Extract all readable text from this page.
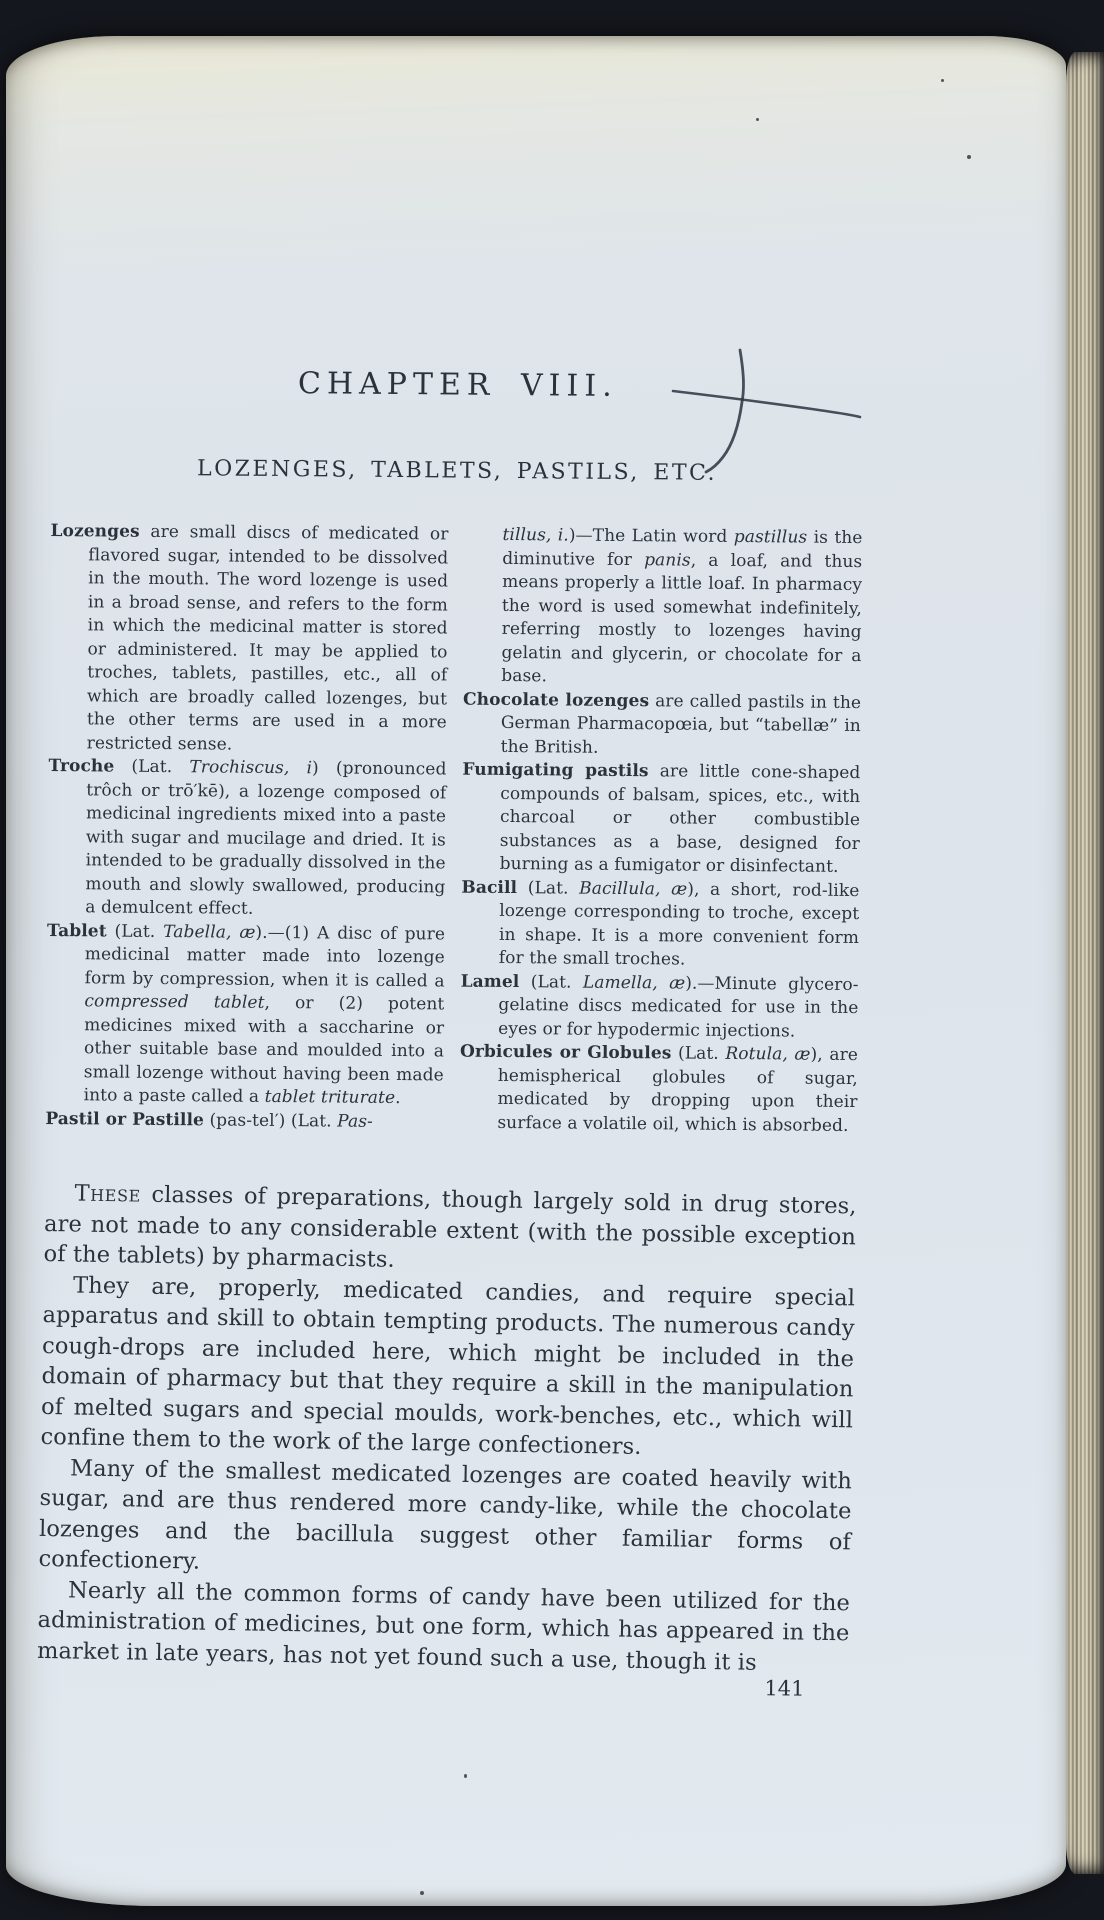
CHAPTER VIII.
LOZENGES, TABLETS, PASTILS, ETC.
Lozenges are small discs of medicated or flavored sugar, intended to be dissolved in the mouth. The word lozenge is used in a broad sense, and refers to the form in which the medicinal matter is stored or administered. It may be applied to troches, tablets, pastilles, etc., all of which are broadly called lozenges, but the other terms are used in a more restricted sense.
Troche (Lat. Trochiscus, i) (pronounced trôch or trō′kē), a lozenge composed of medicinal ingredients mixed into a paste with sugar and mucilage and dried. It is intended to be gradually dissolved in the mouth and slowly swallowed, producing a demulcent effect.
Tablet (Lat. Tabella, æ).—(1) A disc of pure medicinal matter made into lozenge form by compression, when it is called a compressed tablet, or (2) potent medicines mixed with a saccharine or other suitable base and moulded into a small lozenge without having been made into a paste called a tablet triturate.
Pastil or Pastille (pas-tel′) (Lat. Pas-
tillus, i.)—The Latin word pastillus is the diminutive for panis, a loaf, and thus means properly a little loaf. In pharmacy the word is used somewhat indefinitely, referring mostly to lozenges having gelatin and glycerin, or chocolate for a base.
Chocolate lozenges are called pastils in the German Pharmacopœia, but “tabellæ” in the British.
Fumigating pastils are little cone-shaped compounds of balsam, spices, etc., with charcoal or other combustible substances as a base, designed for burning as a fumigator or disinfectant.
Bacill (Lat. Bacillula, æ), a short, rod-like lozenge corresponding to troche, except in shape. It is a more convenient form for the small troches.
Lamel (Lat. Lamella, æ).—Minute glycero-gelatine discs medicated for use in the eyes or for hypodermic injections.
Orbicules or Globules (Lat. Rotula, æ), are hemispherical globules of sugar, medicated by dropping upon their surface a volatile oil, which is absorbed.
These classes of preparations, though largely sold in drug stores, are not made to any considerable extent (with the possible exception of the tablets) by pharmacists.
They are, properly, medicated candies, and require special apparatus and skill to obtain tempting products. The numerous candy cough-drops are included here, which might be included in the domain of pharmacy but that they require a skill in the manipulation of melted sugars and special moulds, work-benches, etc., which will confine them to the work of the large confectioners.
Many of the smallest medicated lozenges are coated heavily with sugar, and are thus rendered more candy-like, while the chocolate lozenges and the bacillula suggest other familiar forms of confectionery.
Nearly all the common forms of candy have been utilized for the administration of medicines, but one form, which has appeared in the market in late years, has not yet found such a use, though it is
141
